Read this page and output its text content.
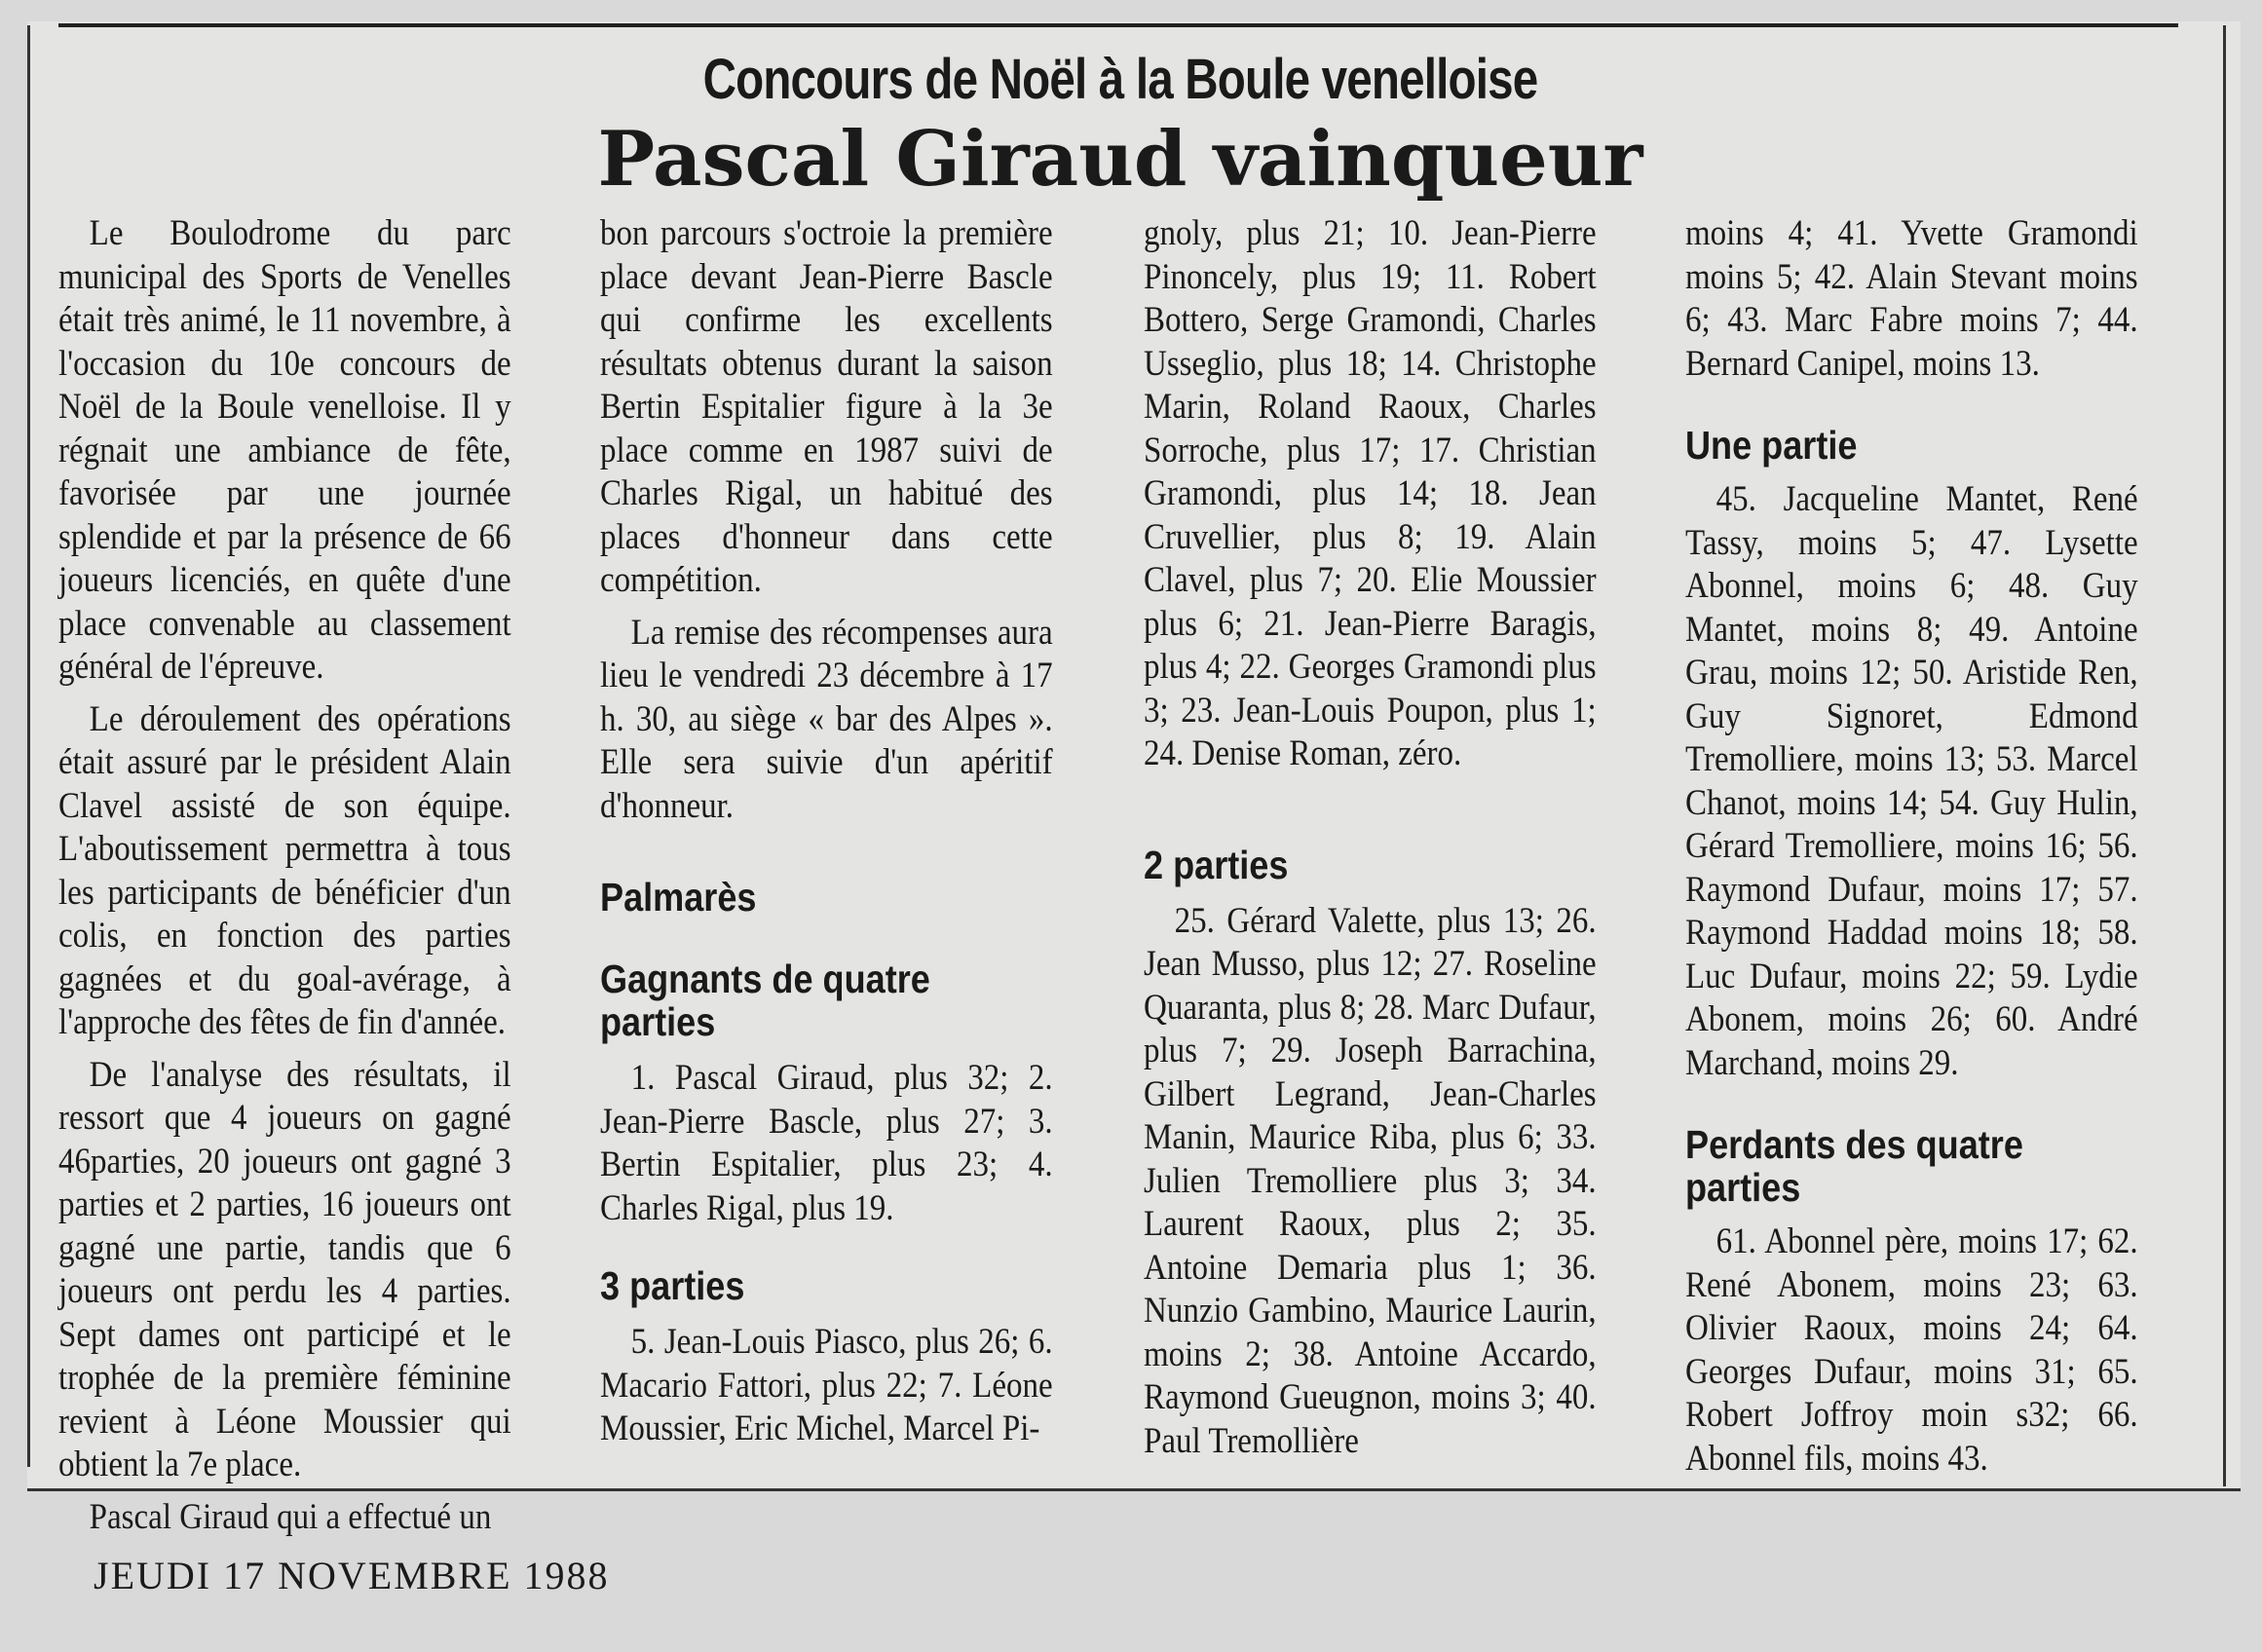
Concours de Noël à la Boule venelloise
Pascal Giraud vainqueur

Le Boulodrome du parc municipal des Sports de Venelles était très animé, le 11 novembre, à l'occasion du 10e concours de Noël de la Boule venelloise. Il y régnait une ambiance de fête, favorisée par une journée splendide et par la présence de 66 joueurs licenciés, en quête d'une place convenable au classement général de l'épreuve.

Le déroulement des opérations était assuré par le président Alain Clavel assisté de son équipe. L'aboutissement permettra à tous les participants de bénéficier d'un colis, en fonction des parties gagnées et du goal-avérage, à l'approche des fêtes de fin d'année.

De l'analyse des résultats, il ressort que 4 joueurs on gagné 46parties, 20 joueurs ont gagné 3 parties et 2 parties, 16 joueurs ont gagné une partie, tandis que 6 joueurs ont perdu les 4 parties. Sept dames ont participé et le trophée de la première féminine revient à Léone Moussier qui obtient la 7e place.

Pascal Giraud qui a effectué un

bon parcours s'octroie la première place devant Jean-Pierre Bascle qui confirme les excellents résultats obtenus durant la saison Bertin Espitalier figure à la 3e place comme en 1987 suivi de Charles Rigal, un habitué des places d'honneur dans cette compétition.

La remise des récompenses aura lieu le vendredi 23 décembre à 17 h. 30, au siège « bar des Alpes ». Elle sera suivie d'un apéritif d'honneur.

Palmarès
Gagnants de quatre parties

1. Pascal Giraud, plus 32; 2. Jean-Pierre Bascle, plus 27; 3. Bertin Espitalier, plus 23; 4. Charles Rigal, plus 19.

3 parties

5. Jean-Louis Piasco, plus 26; 6. Macario Fattori, plus 22; 7. Léone Moussier, Eric Michel, Marcel Pi-

gnoly, plus 21; 10. Jean-Pierre Pinoncely, plus 19; 11. Robert Bottero, Serge Gramondi, Charles Usseglio, plus 18; 14. Christophe Marin, Roland Raoux, Charles Sorroche, plus 17; 17. Christian Gramondi, plus 14; 18. Jean Cruvellier, plus 8; 19. Alain Clavel, plus 7; 20. Elie Moussier plus 6; 21. Jean-Pierre Baragis, plus 4; 22. Georges Gramondi plus 3; 23. Jean-Louis Poupon, plus 1; 24. Denise Roman, zéro.

2 parties

25. Gérard Valette, plus 13; 26. Jean Musso, plus 12; 27. Roseline Quaranta, plus 8; 28. Marc Dufaur, plus 7; 29. Joseph Barrachina, Gilbert Legrand, Jean-Charles Manin, Maurice Riba, plus 6; 33. Julien Tremolliere plus 3; 34. Laurent Raoux, plus 2; 35. Antoine Demaria plus 1; 36. Nunzio Gambino, Maurice Laurin, moins 2; 38. Antoine Accardo, Raymond Gueugnon, moins 3; 40. Paul Tremollière

moins 4; 41. Yvette Gramondi moins 5; 42. Alain Stevant moins 6; 43. Marc Fabre moins 7; 44. Bernard Canipel, moins 13.

Une partie

45. Jacqueline Mantet, René Tassy, moins 5; 47. Lysette Abonnel, moins 6; 48. Guy Mantet, moins 8; 49. Antoine Grau, moins 12; 50. Aristide Ren, Guy Signoret, Edmond Tremolliere, moins 13; 53. Marcel Chanot, moins 14; 54. Guy Hulin, Gérard Tremolliere, moins 16; 56. Raymond Dufaur, moins 17; 57. Raymond Haddad moins 18; 58. Luc Dufaur, moins 22; 59. Lydie Abonem, moins 26; 60. André Marchand, moins 29.

Perdants des quatre parties

61. Abonnel père, moins 17; 62. René Abonem, moins 23; 63. Olivier Raoux, moins 24; 64. Georges Dufaur, moins 31; 65. Robert Joffroy moin s32; 66. Abonnel fils, moins 43.

JEUDI 17 NOVEMBRE 1988
